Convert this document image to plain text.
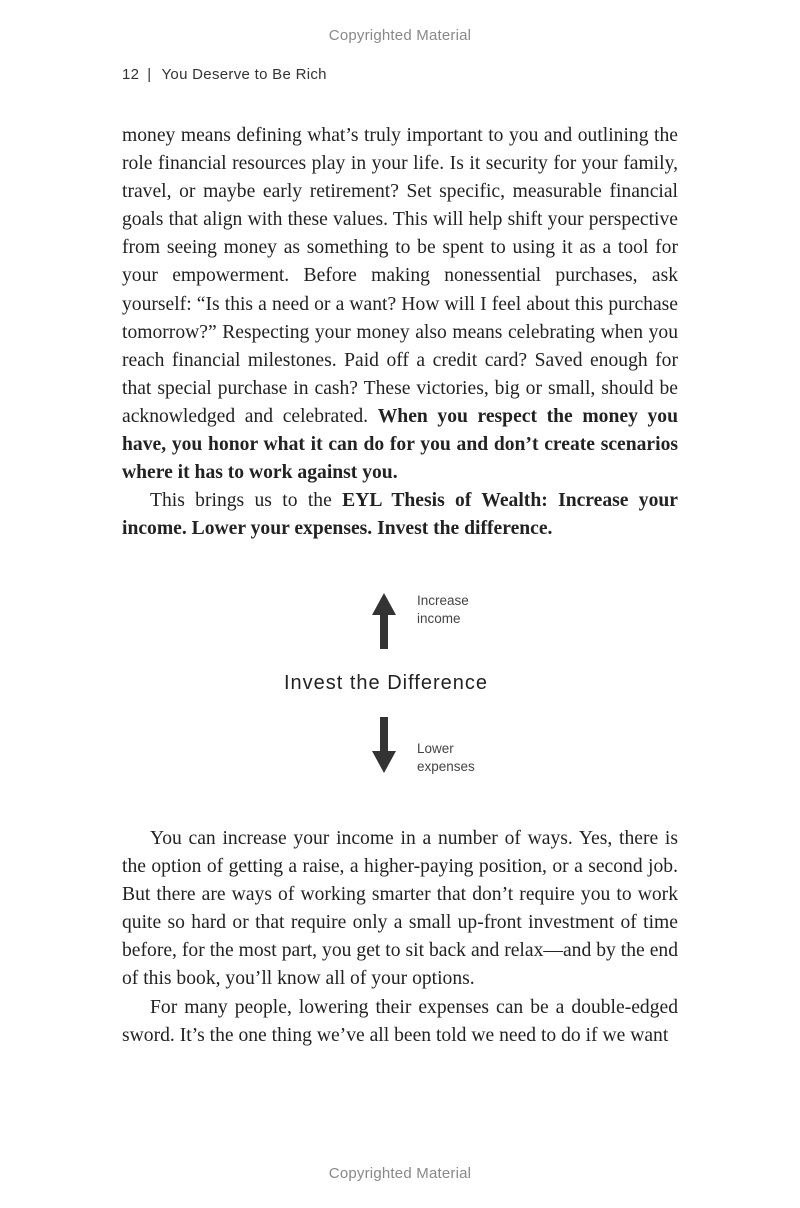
Copyrighted Material
12 | You Deserve to Be Rich

money means defining what’s truly important to you and outlining the role financial resources play in your life. Is it security for your family, travel, or maybe early retirement? Set specific, measurable financial goals that align with these values. This will help shift your perspective from seeing money as something to be spent to using it as a tool for your empowerment. Before making nonessential purchases, ask yourself: “Is this a need or a want? How will I feel about this purchase tomorrow?” Respecting your money also means celebrating when you reach financial milestones. Paid off a credit card? Saved enough for that special purchase in cash? These victories, big or small, should be acknowledged and celebrated. When you respect the money you have, you honor what it can do for you and don’t create scenarios where it has to work against you.

This brings us to the EYL Thesis of Wealth: Increase your income. Lower your expenses. Invest the difference.

Increase
income
Invest the Difference
Lower
expenses

You can increase your income in a number of ways. Yes, there is the option of getting a raise, a higher-paying position, or a second job. But there are ways of working smarter that don’t require you to work quite so hard or that require only a small up-front investment of time before, for the most part, you get to sit back and relax—and by the end of this book, you’ll know all of your options.

For many people, lowering their expenses can be a double-edged sword. It’s the one thing we’ve all been told we need to do if we want

Copyrighted Material
